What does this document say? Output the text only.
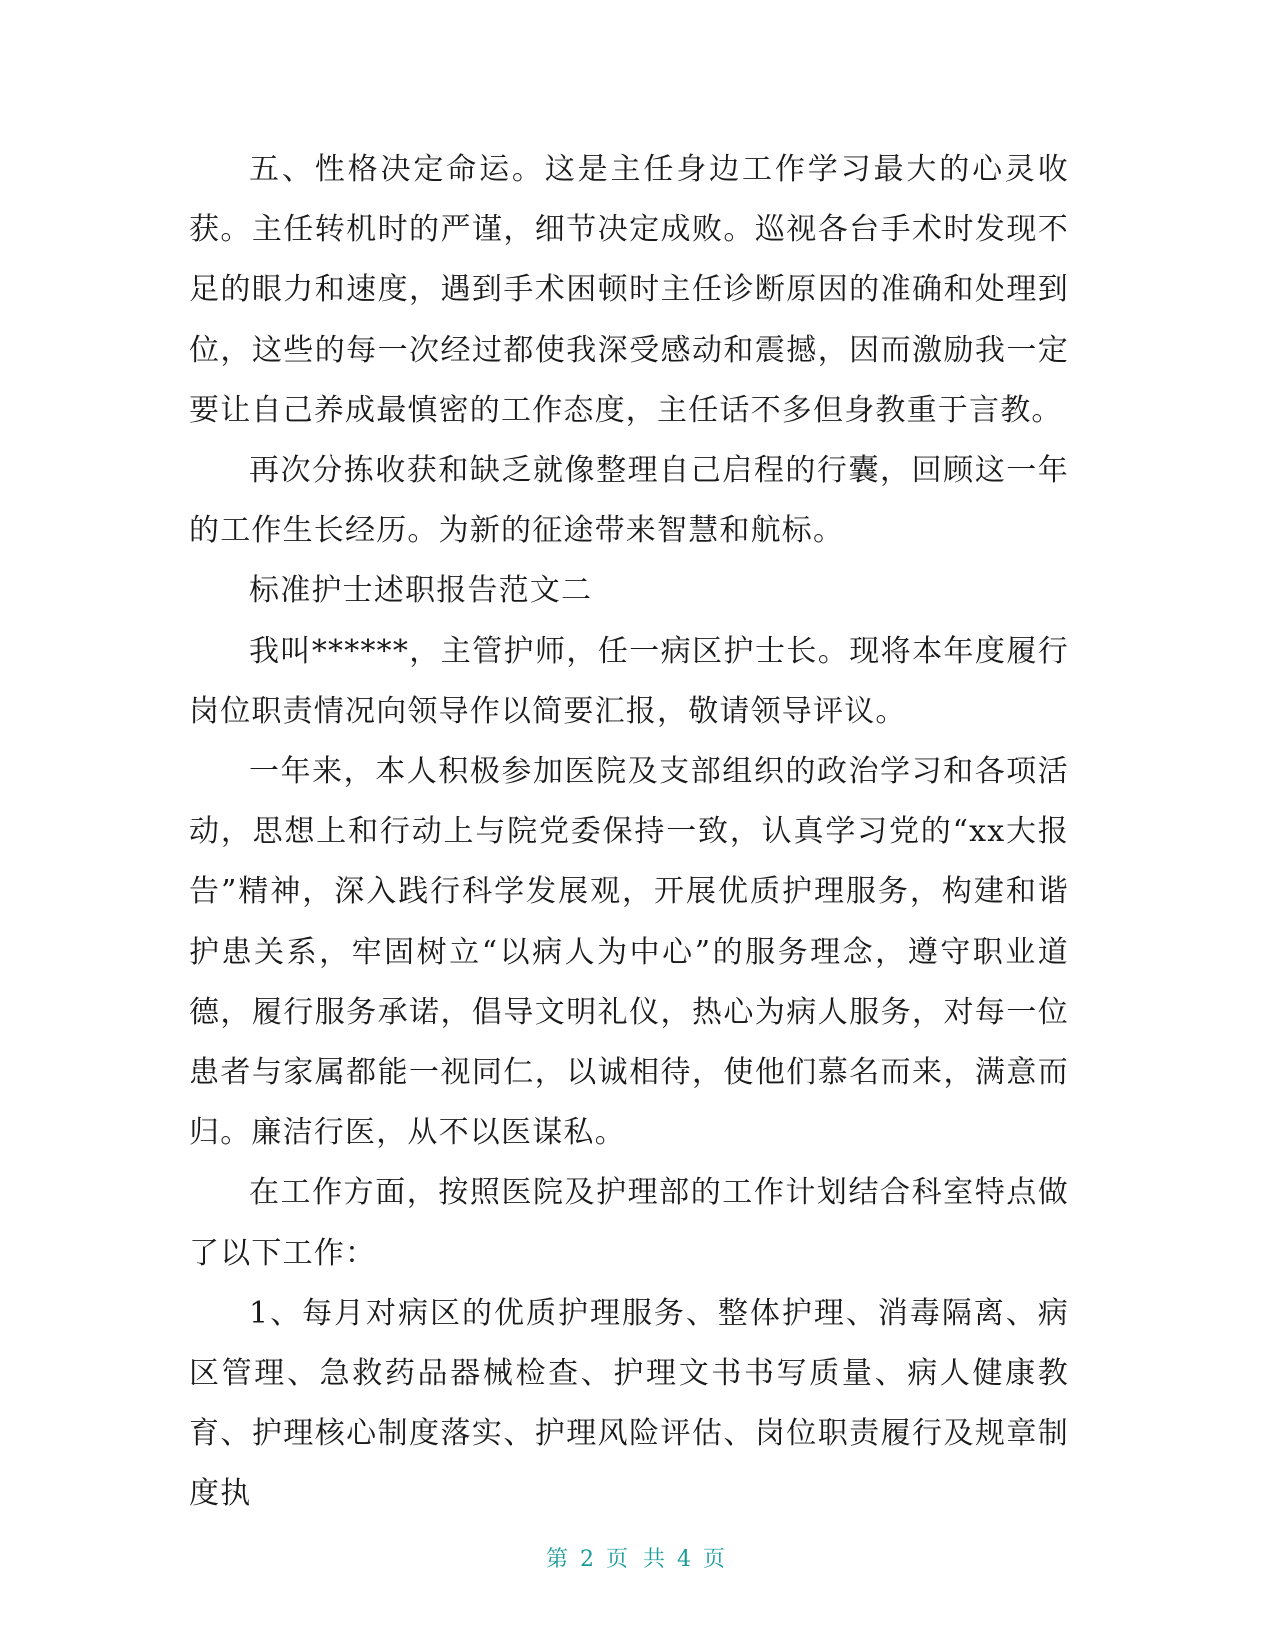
五、性格决定命运。这是主任身边工作学习最大的心灵收获。主任转机时的严谨，细节决定成败。巡视各台手术时发现不足的眼力和速度，遇到手术困顿时主任诊断原因的准确和处理到位，这些的每一次经过都使我深受感动和震撼，因而激励我一定要让自己养成最慎密的工作态度，主任话不多但身教重于言教。

再次分拣收获和缺乏就像整理自己启程的行囊，回顾这一年的工作生长经历。为新的征途带来智慧和航标。

标准护士述职报告范文二

我叫******，主管护师，任一病区护士长。现将本年度履行岗位职责情况向领导作以简要汇报，敬请领导评议。

一年来，本人积极参加医院及支部组织的政治学习和各项活动，思想上和行动上与院党委保持一致，认真学习党的“xx大报告”精神，深入践行科学发展观，开展优质护理服务，构建和谐护患关系，牢固树立“以病人为中心”的服务理念，遵守职业道德，履行服务承诺，倡导文明礼仪，热心为病人服务，对每一位患者与家属都能一视同仁，以诚相待，使他们慕名而来，满意而归。廉洁行医，从不以医谋私。

在工作方面，按照医院及护理部的工作计划结合科室特点做了以下工作：

1、每月对病区的优质护理服务、整体护理、消毒隔离、病区管理、急救药品器械检查、护理文书书写质量、病人健康教育、护理核心制度落实、护理风险评估、岗位职责履行及规章制度执

第 2 页 共 4 页
